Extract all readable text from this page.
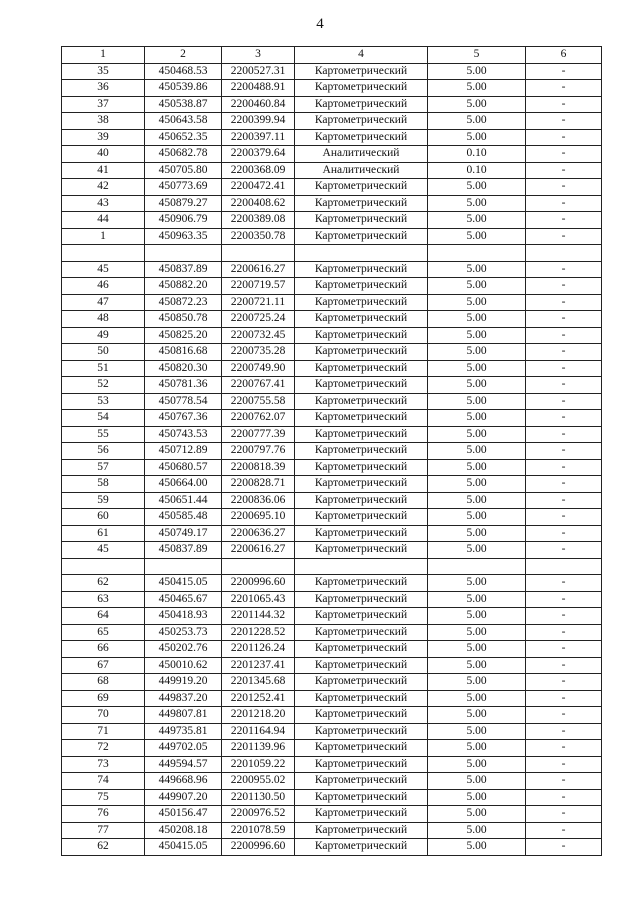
4
1	2	3	4	5	6
35	450468.53	2200527.31	Картометрический	5.00	-
36	450539.86	2200488.91	Картометрический	5.00	-
37	450538.87	2200460.84	Картометрический	5.00	-
38	450643.58	2200399.94	Картометрический	5.00	-
39	450652.35	2200397.11	Картометрический	5.00	-
40	450682.78	2200379.64	Аналитический	0.10	-
41	450705.80	2200368.09	Аналитический	0.10	-
42	450773.69	2200472.41	Картометрический	5.00	-
43	450879.27	2200408.62	Картометрический	5.00	-
44	450906.79	2200389.08	Картометрический	5.00	-
1	450963.35	2200350.78	Картометрический	5.00	-

45	450837.89	2200616.27	Картометрический	5.00	-
46	450882.20	2200719.57	Картометрический	5.00	-
47	450872.23	2200721.11	Картометрический	5.00	-
48	450850.78	2200725.24	Картометрический	5.00	-
49	450825.20	2200732.45	Картометрический	5.00	-
50	450816.68	2200735.28	Картометрический	5.00	-
51	450820.30	2200749.90	Картометрический	5.00	-
52	450781.36	2200767.41	Картометрический	5.00	-
53	450778.54	2200755.58	Картометрический	5.00	-
54	450767.36	2200762.07	Картометрический	5.00	-
55	450743.53	2200777.39	Картометрический	5.00	-
56	450712.89	2200797.76	Картометрический	5.00	-
57	450680.57	2200818.39	Картометрический	5.00	-
58	450664.00	2200828.71	Картометрический	5.00	-
59	450651.44	2200836.06	Картометрический	5.00	-
60	450585.48	2200695.10	Картометрический	5.00	-
61	450749.17	2200636.27	Картометрический	5.00	-
45	450837.89	2200616.27	Картометрический	5.00	-

62	450415.05	2200996.60	Картометрический	5.00	-
63	450465.67	2201065.43	Картометрический	5.00	-
64	450418.93	2201144.32	Картометрический	5.00	-
65	450253.73	2201228.52	Картометрический	5.00	-
66	450202.76	2201126.24	Картометрический	5.00	-
67	450010.62	2201237.41	Картометрический	5.00	-
68	449919.20	2201345.68	Картометрический	5.00	-
69	449837.20	2201252.41	Картометрический	5.00	-
70	449807.81	2201218.20	Картометрический	5.00	-
71	449735.81	2201164.94	Картометрический	5.00	-
72	449702.05	2201139.96	Картометрический	5.00	-
73	449594.57	2201059.22	Картометрический	5.00	-
74	449668.96	2200955.02	Картометрический	5.00	-
75	449907.20	2201130.50	Картометрический	5.00	-
76	450156.47	2200976.52	Картометрический	5.00	-
77	450208.18	2201078.59	Картометрический	5.00	-
62	450415.05	2200996.60	Картометрический	5.00	-
